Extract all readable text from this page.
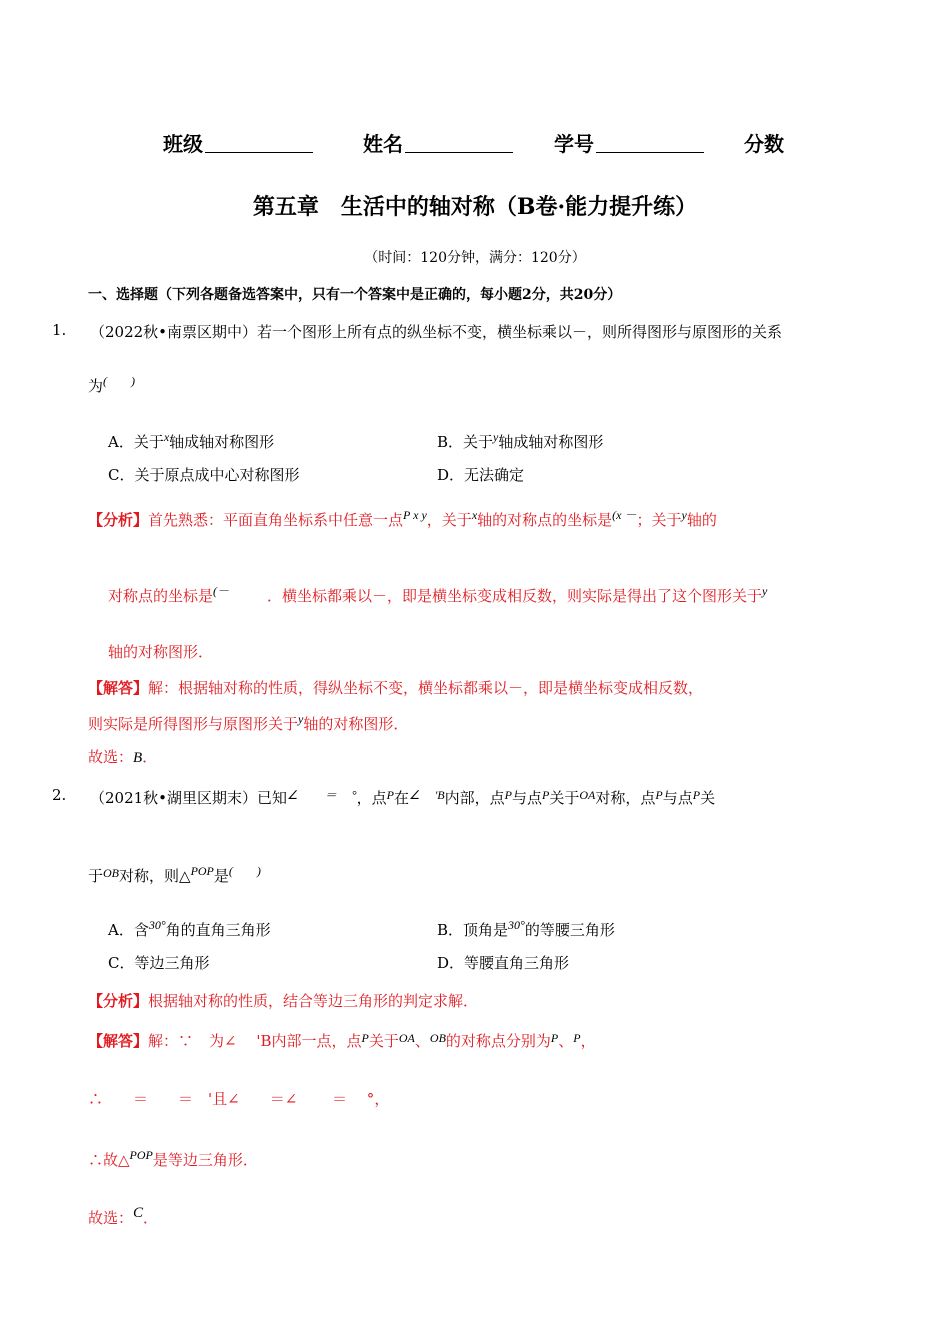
班级	姓名	学号	分数
第五章　生活中的轴对称（B卷·能力提升练）
（时间：120分钟，满分：120分）
一、选择题（下列各题备选答案中，只有一个答案中是正确的，每小题2分，共20分）
1. （2022秋•南票区期中）若一个图形上所有点的纵坐标不变，横坐标乘以－，则所得图形与原图形的关系
为(　　)
A．关于$^x$轴成轴对称图形	B．关于$^y$轴成轴对称图形
C．关于原点成中心对称图形	D．无法确定
【分析】首先熟悉：平面直角坐标系中任意一点$^{P x y}$，关于$^x$轴的对称点的坐标是$^{(x -}$；关于$^y$轴的
对称点的坐标是(－	．横坐标都乘以－，即是横坐标变成相反数，则实际是得出了这个图形关于$^y$
轴的对称图形．
【解答】解：根据轴对称的性质，得纵坐标不变，横坐标都乘以－，即是横坐标变成相反数，
则实际是所得图形与原图形关于$^y$轴的对称图形．
故选：B．
2. （2021秋•湖里区期末）已知∠　　 ＝　 °，点$^P$在$^{\angle 'B}$内部，点$^P$与点$^P$关于$^{OA}$对称，点$^P$与点$^P$关
于$^{OB}$对称，则△$^{POP}$是(　　)
A．含$^{30^\circ}$角的直角三角形	B．顶角是$^{30^\circ}$的等腰三角形
C．等边三角形	D．等腰直角三角形
【分析】根据轴对称的性质，结合等边三角形的判定求解．
【解答】解：∵ 为∠　 'B内部一点，点$^P$关于$^{OA}$、$^{OB}$的对称点分别为$^P$、$^P$，
∴　　＝　　＝　'且∠　　＝∠　　 ＝　 °，
∴故△$^{POP}$是等边三角形．
故选：C．
